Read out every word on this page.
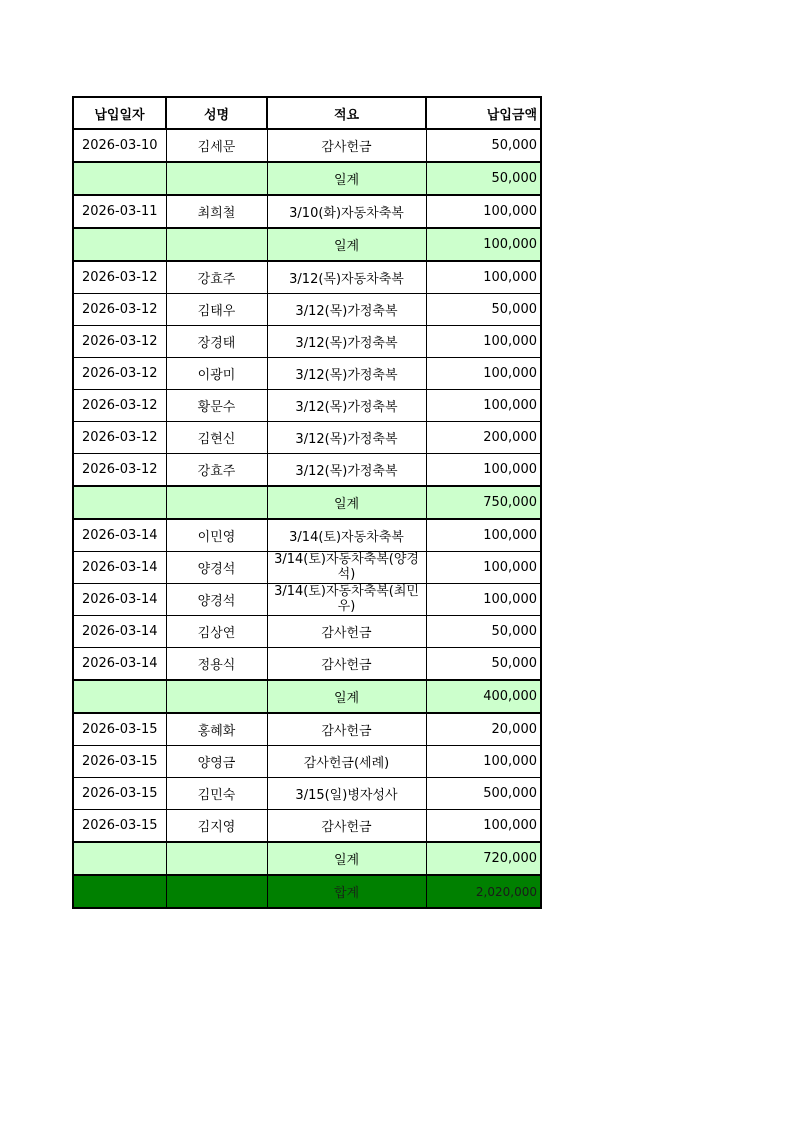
납입일자	성명	적요	납입금액
2026-03-10	김세문	감사헌금	50,000
		일계	50,000
2026-03-11	최희철	3/10(화)자동차축복	100,000
		일계	100,000
2026-03-12	강효주	3/12(목)자동차축복	100,000
2026-03-12	김태우	3/12(목)가정축복	50,000
2026-03-12	장경태	3/12(목)가정축복	100,000
2026-03-12	이광미	3/12(목)가정축복	100,000
2026-03-12	황문수	3/12(목)가정축복	100,000
2026-03-12	김현신	3/12(목)가정축복	200,000
2026-03-12	강효주	3/12(목)가정축복	100,000
		일계	750,000
2026-03-14	이민영	3/14(토)자동차축복	100,000
2026-03-14	양경석	3/14(토)자동차축복(양경석)	100,000
2026-03-14	양경석	3/14(토)자동차축복(최민우)	100,000
2026-03-14	김상연	감사헌금	50,000
2026-03-14	정용식	감사헌금	50,000
		일계	400,000
2026-03-15	홍혜화	감사헌금	20,000
2026-03-15	양영금	감사헌금(세례)	100,000
2026-03-15	김민숙	3/15(일)병자성사	500,000
2026-03-15	김지영	감사헌금	100,000
		일계	720,000
		합계	2,020,000
